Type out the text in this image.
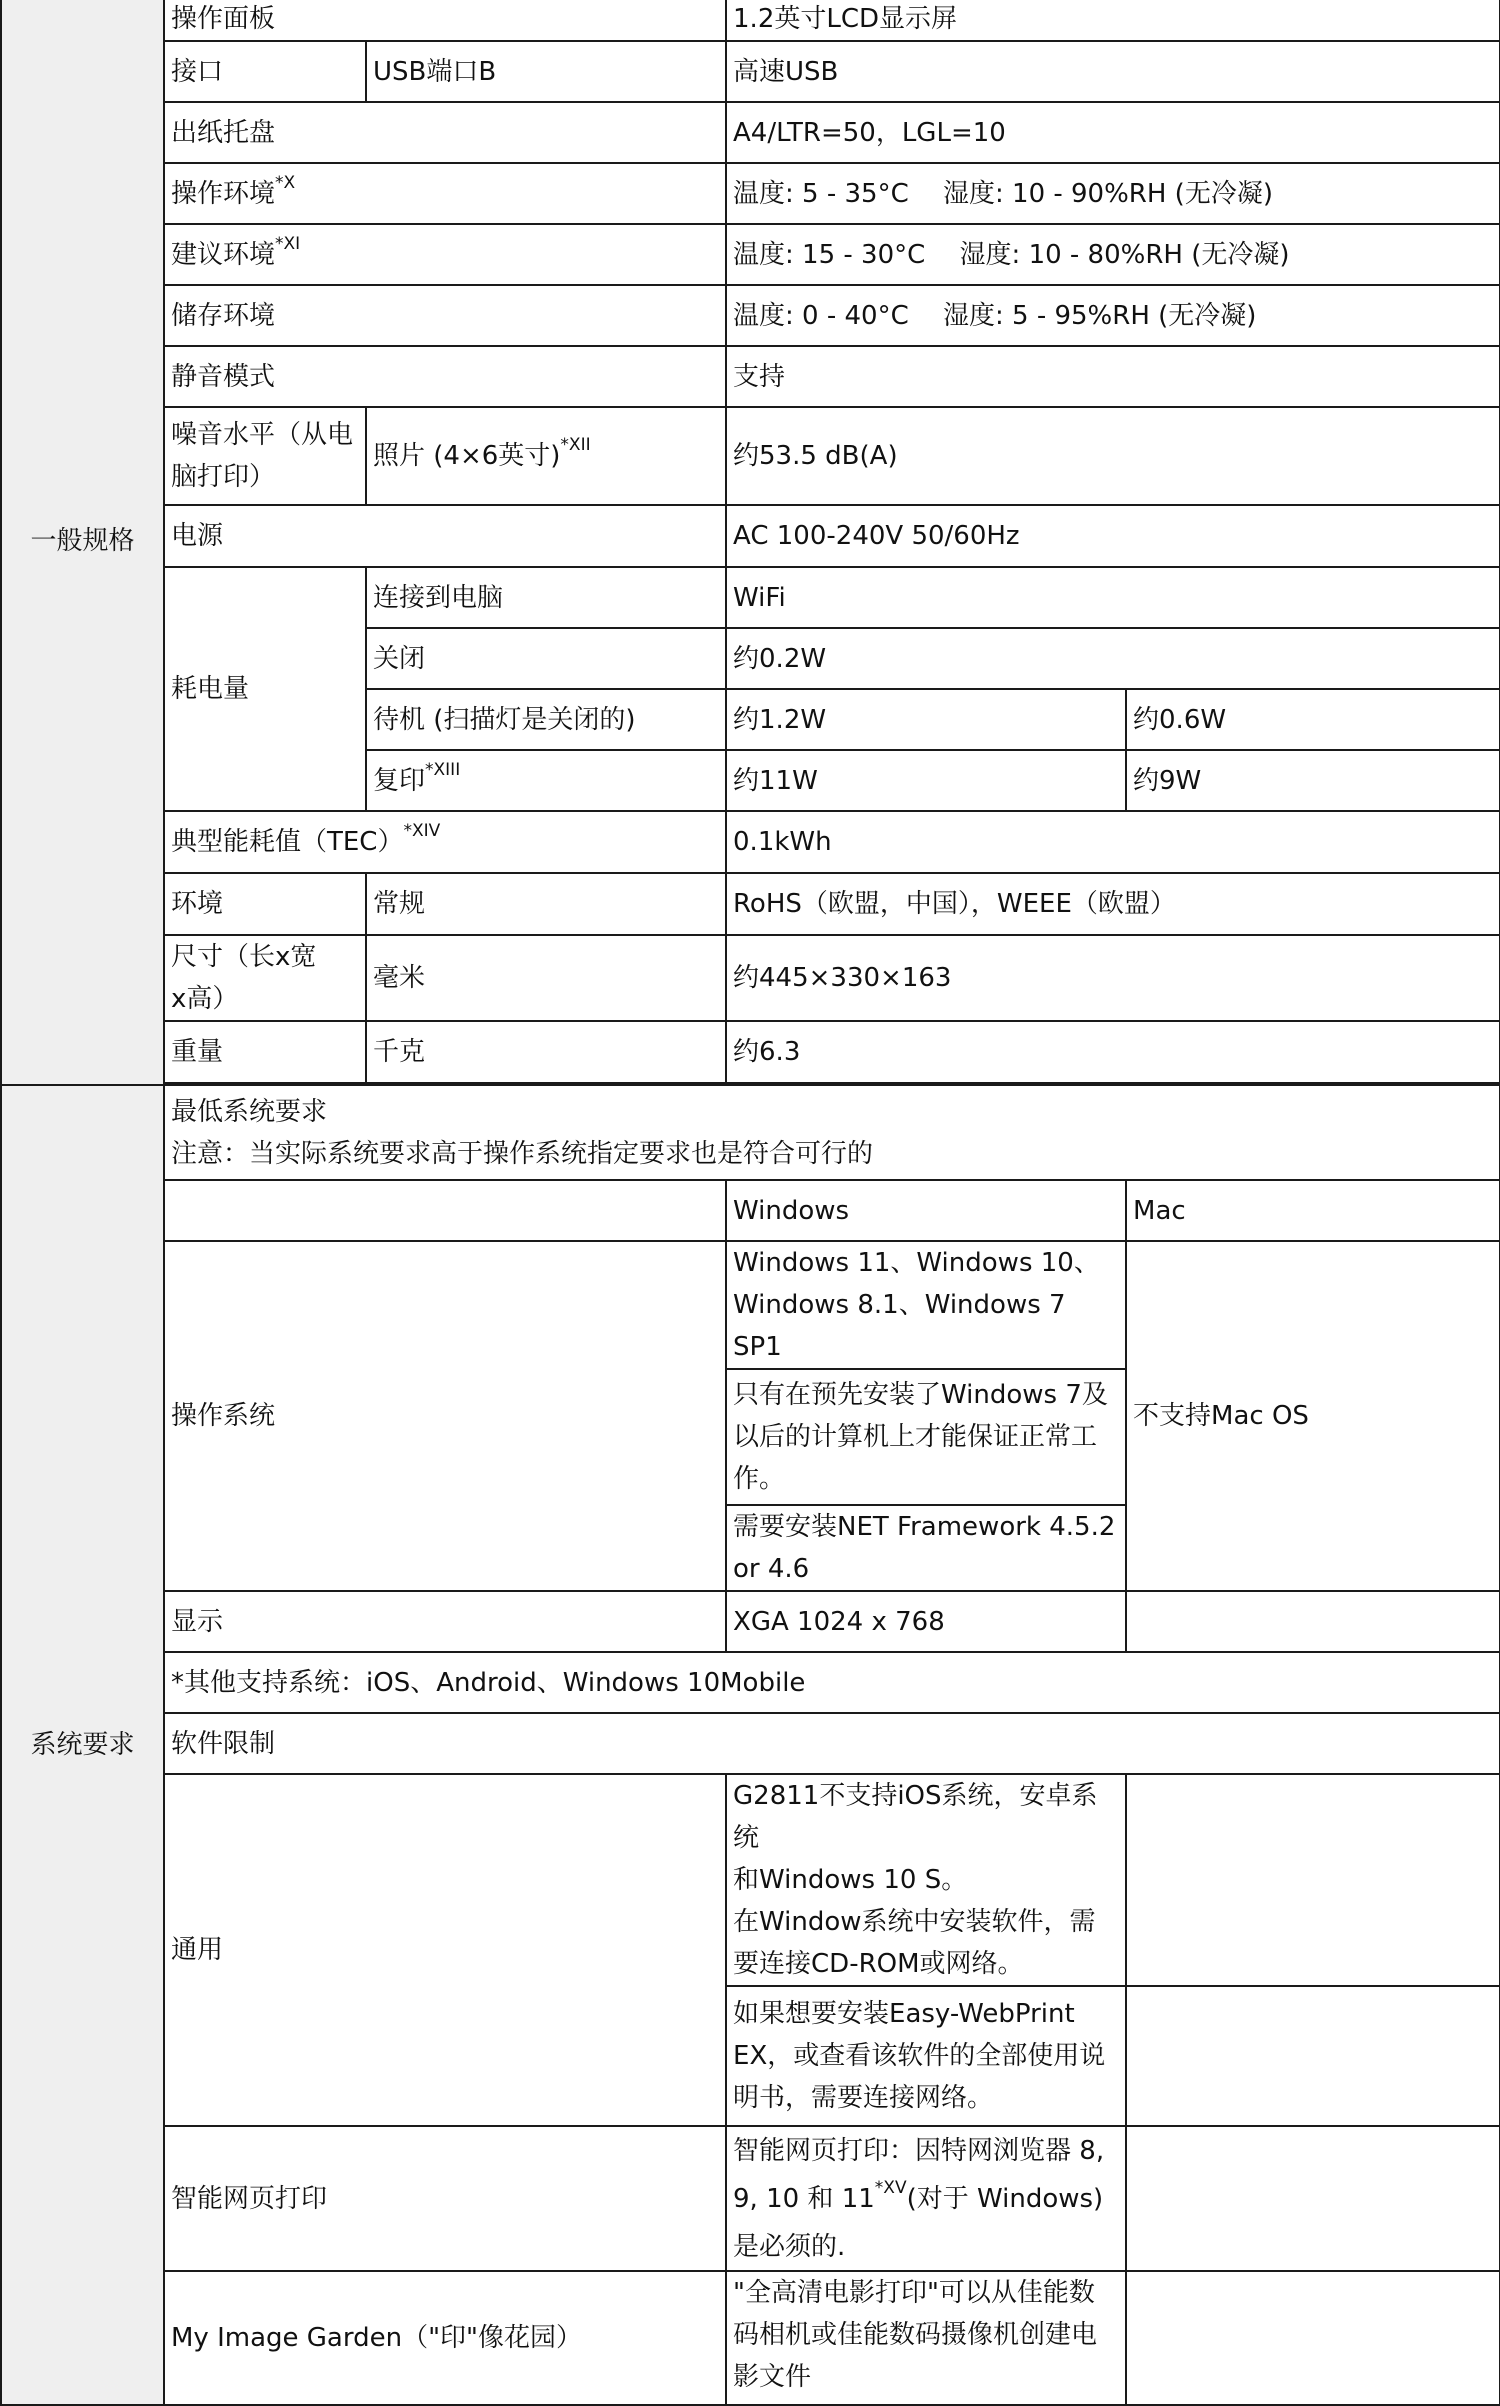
一般规格	操作面板		1.2英寸LCD显示屏	
	接口	USB端口B	高速USB	
	出纸托盘		A4/LTR=50，LGL=10	
	操作环境$^{*X}$		温度: 5 - 35°C　 湿度: 10 - 90%RH (无冷凝)	
	建议环境$^{*XI}$		温度: 15 - 30°C　 湿度: 10 - 80%RH (无冷凝)	
	储存环境		温度: 0 - 40°C　 湿度: 5 - 95%RH (无冷凝)	
	静音模式		支持	

	噪音水平（从电
脑打印）	照片 (4×6英寸)$^{*XII}$	约53.5 dB(A)	
	电源		AC 100-240V 50/60Hz	
	耗电量	连接到电脑	WiFi	
		关闭	约0.2W	
		待机 (扫描灯是关闭的)	约1.2W	约0.6W
		复印$^{*XIII}$	约11W	约9W
	典型能耗值（TEC）$^{*XIV}$		0.1kWh	
	环境	常规	RoHS（欧盟，中国），WEEE（欧盟）	

	尺寸（长x宽
x高）	毫米	约445×330×163	
	重量	千克	约6.3	

系统要求	最低系统要求
注意：当实际系统要求高于操作系统指定要求也是符合可行的			

			Windows	Mac
	操作系统		Windows 11、Windows 10、
Windows 8.1、Windows 7 SP1	不支持Mac OS

			只有在预先安装了Windows 7及
以后的计算机上才能保证正常工
作。	

			需要安装NET Framework 4.5.2
or 4.6	

	显示		XGA 1024 x 768	
	*其他支持系统：iOS、Android、Windows 10Mobile			
	软件限制			
	通用		G2811不支持iOS系统，安卓系统
和Windows 10 S。
在Window系统中安装软件，需
要连接CD-ROM或网络。	

			如果想要安装Easy-WebPrint
EX，或查看该软件的全部使用说
明书，需要连接网络。	

	智能网页打印		智能网页打印：因特网浏览器 8,
9, 10 和 $11^{*XV}$(对于 Windows)
是必须的.	

	My Image Garden（"印"像花园）		"全高清电影打印"可以从佳能数
码相机或佳能数码摄像机创建电
影文件	
